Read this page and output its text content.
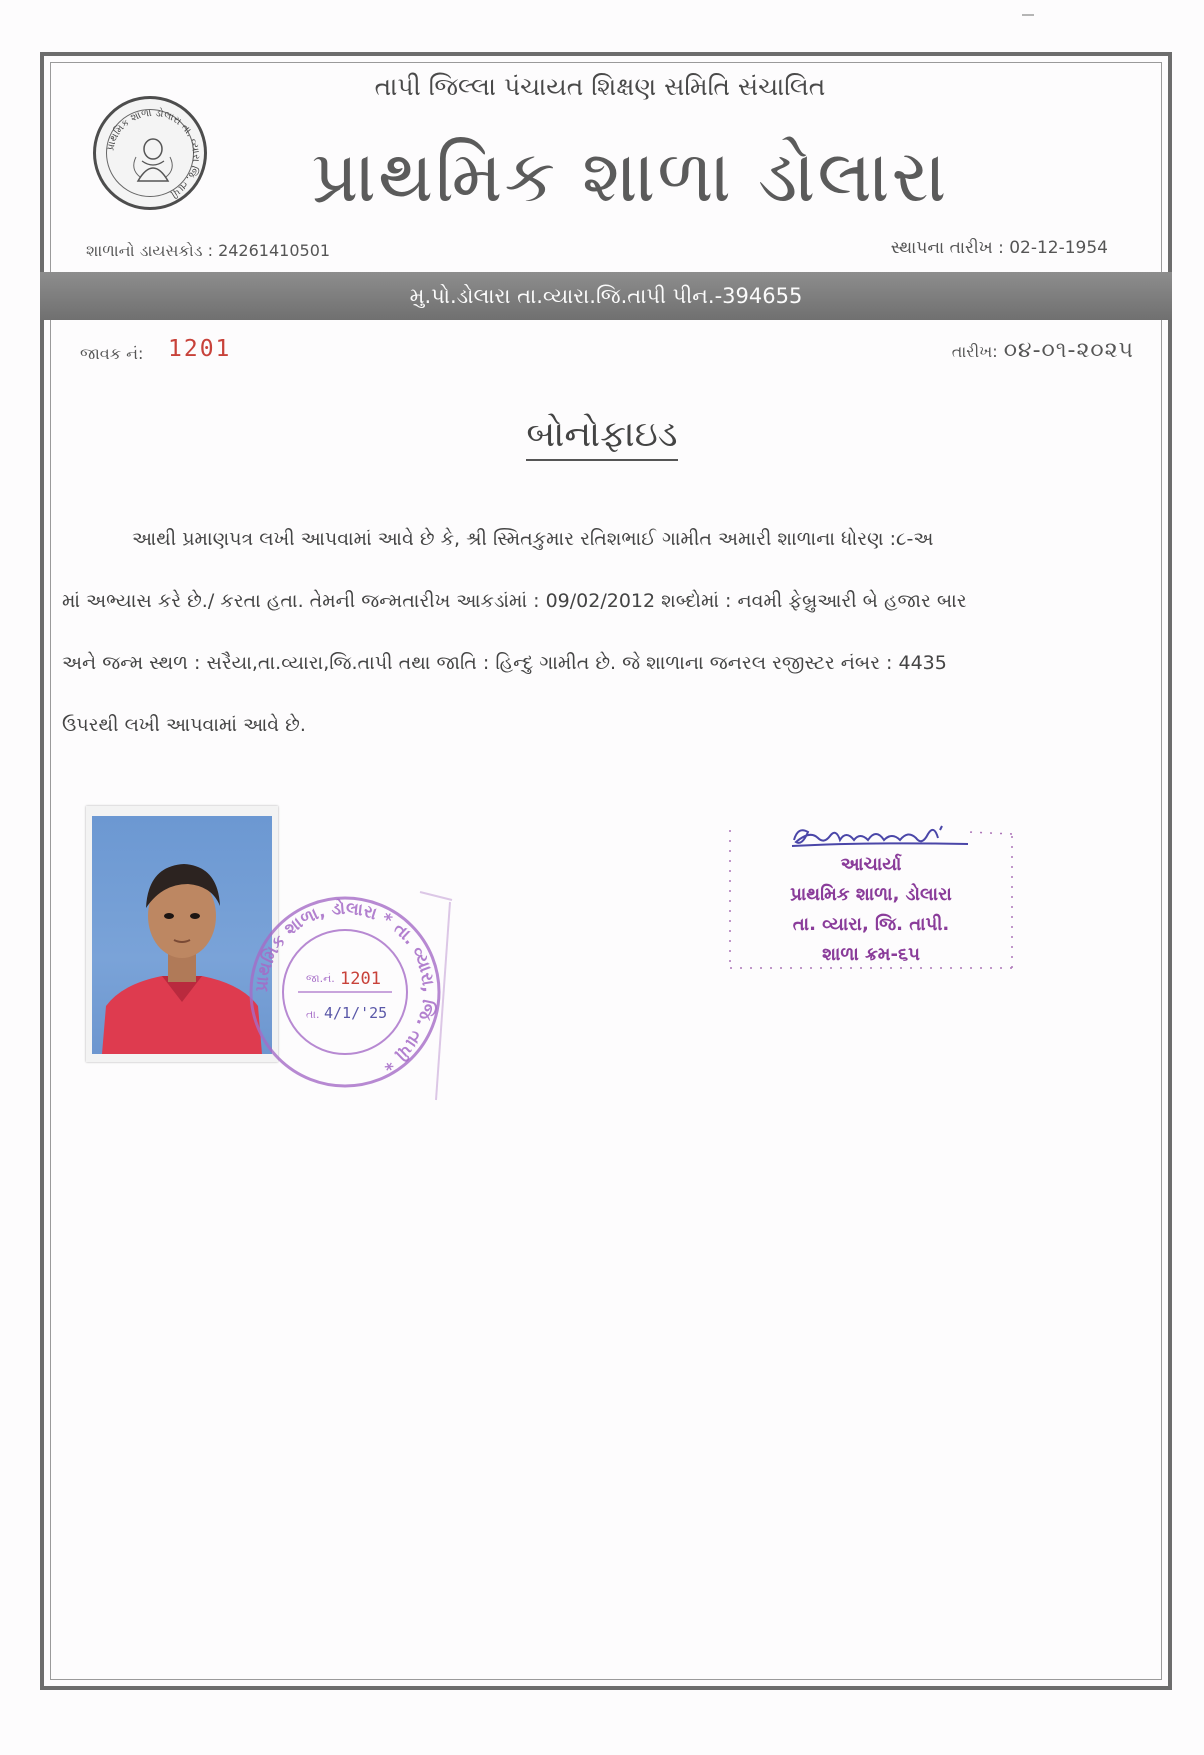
પ્રાથમિક શાળા ડોલારા તા. વ્યારા જિ. તાપી
તાપી જિલ્લા પંચાયત શિક્ષણ સમિતિ સંચાલિત
પ્રાથમિક શાળા ડોલારા
શાળાનો ડાયસકોડ : 24261410501	સ્થાપના તારીખ : 02-12-1954
મુ.પો.ડોલારા તા.વ્યારા.જિ.તાપી પીન.-394655
જાવક નં: 1201	તારીખ: ૦૪-૦૧-૨૦૨૫
બોનોફાઇડ
આથી પ્રમાણપત્ર લખી આપવામાં આવે છે કે, શ્રી સ્મિતકુમાર રતિશભાઈ ગામીત અમારી શાળાના ધોરણ :૮-અ
માં અભ્યાસ કરે છે./ કરતા હતા. તેમની જન્મતારીખ આકડાંમાં : 09/02/2012 શબ્દોમાં : નવમી ફેબ્રુઆરી બે હજાર બાર
અને જન્મ સ્થળ : સરૈયા,તા.વ્યારા,જિ.તાપી તથા જાતિ : હિન્દુ ગામીત છે. જે શાળાના જનરલ રજીસ્ટર નંબર : 4435
ઉપરથી લખી આપવામાં આવે છે.
પ્રાથમિક શાળા, ડોલારા * તા. વ્યારા, જિ. તાપી *
જા.નં. 1201
તા. 4/1/'25
આચાર્યા
પ્રાથમિક શાળા, ડોલારા
તા. વ્યારા, જિ. તાપી.
શાળા ક્રમ-૬૫
